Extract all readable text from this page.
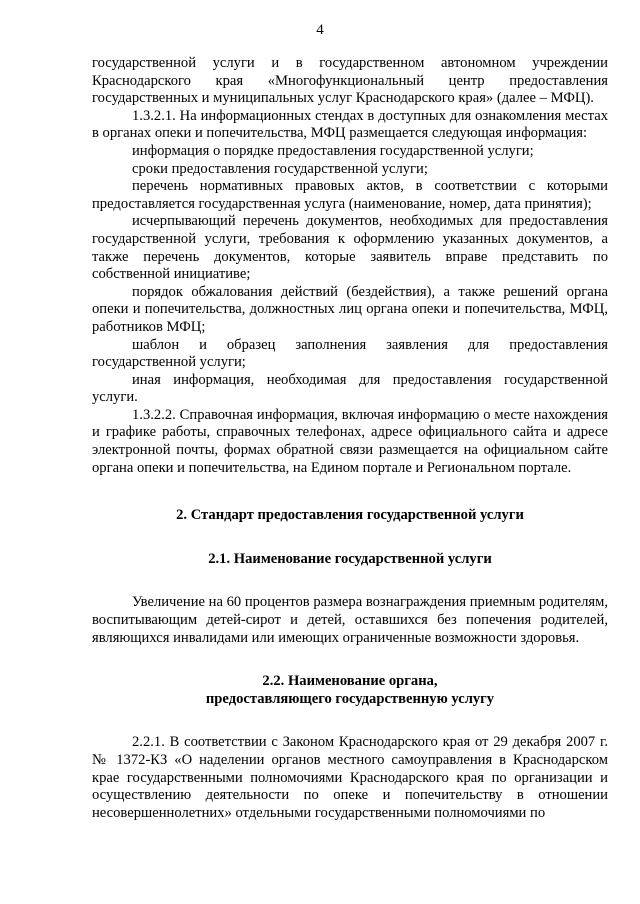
4

государственной услуги и в государственном автономном учреждении Краснодарского края «Многофункциональный центр предоставления государственных и муниципальных услуг Краснодарского края» (далее – МФЦ).

1.3.2.1. На информационных стендах в доступных для ознакомления местах в органах опеки и попечительства, МФЦ размещается следующая информация:

информация о порядке предоставления государственной услуги;

сроки предоставления государственной услуги;

перечень нормативных правовых актов, в соответствии с которыми предоставляется государственная услуга (наименование, номер, дата принятия);

исчерпывающий перечень документов, необходимых для предоставления государственной услуги, требования к оформлению указанных документов, а также перечень документов, которые заявитель вправе представить по собственной инициативе;

порядок обжалования действий (бездействия), а также решений органа опеки и попечительства, должностных лиц органа опеки и попечительства, МФЦ, работников МФЦ;

шаблон и образец заполнения заявления для предоставления государственной услуги;

иная информация, необходимая для предоставления государственной услуги.

1.3.2.2. Справочная информация, включая информацию о месте нахождения и графике работы, справочных телефонах, адресе официального сайта и адресе электронной почты, формах обратной связи размещается на официальном сайте органа опеки и попечительства, на Едином портале и Региональном портале.

2. Стандарт предоставления государственной услуги

2.1. Наименование государственной услуги

Увеличение на 60 процентов размера вознаграждения приемным родителям, воспитывающим детей-сирот и детей, оставшихся без попечения родителей, являющихся инвалидами или имеющих ограниченные возможности здоровья.

2.2. Наименование органа,

предоставляющего государственную услугу

2.2.1. В соответствии с Законом Краснодарского края от 29 декабря 2007 г. № 1372-КЗ «О наделении органов местного самоуправления в Краснодарском крае государственными полномочиями Краснодарского края по организации и осуществлению деятельности по опеке и попечительству в отношении несовершеннолетних» отдельными государственными полномочиями по
